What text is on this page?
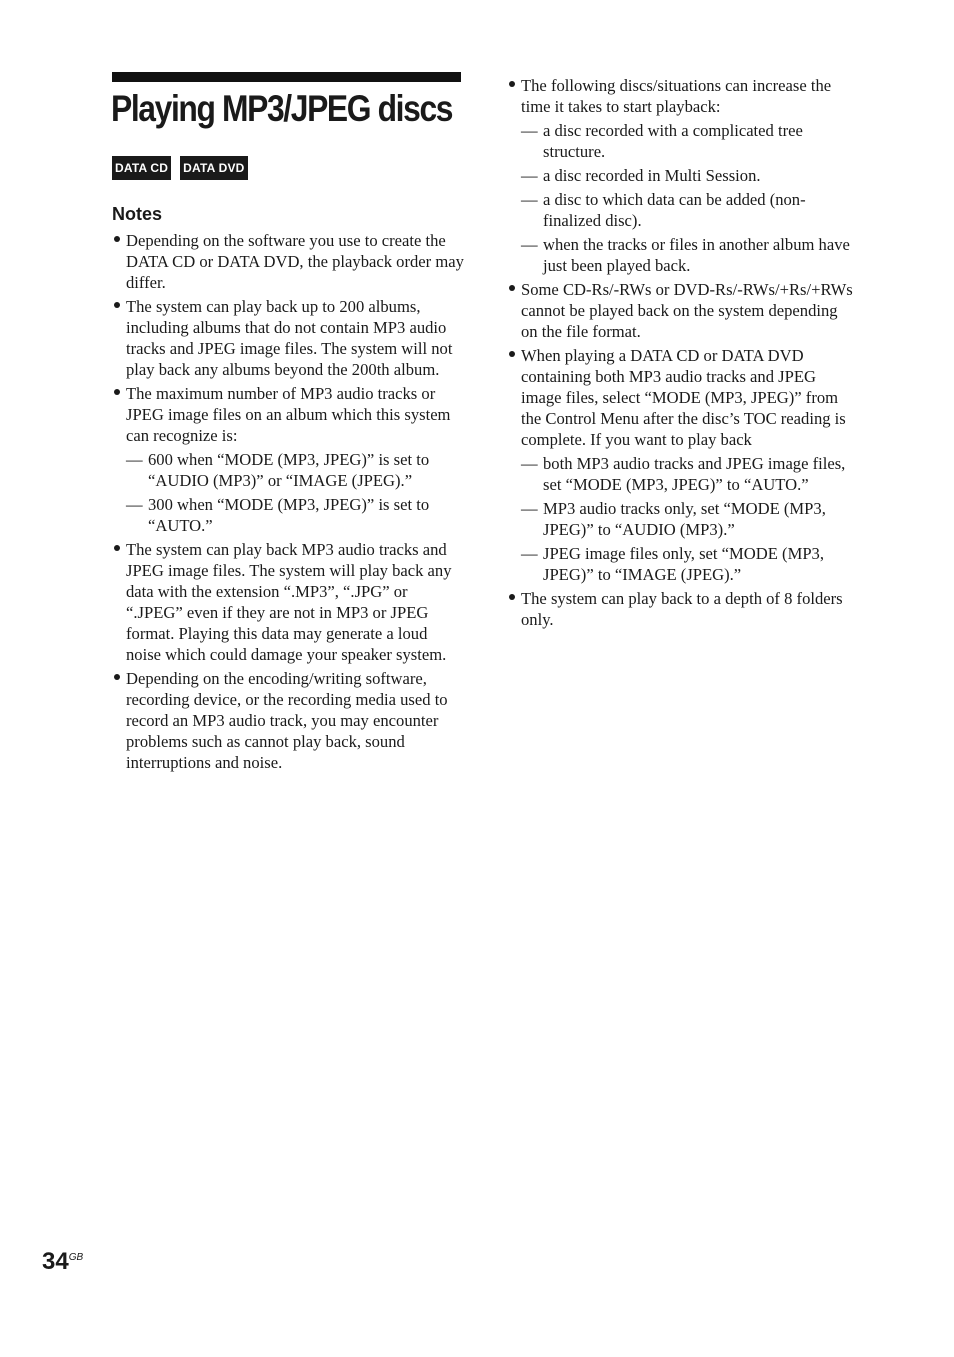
Playing MP3/JPEG discs
DATA CD DATA DVD
Notes
Depending on the software you use to create the DATA CD or DATA DVD, the playback order may differ.
The system can play back up to 200 albums, including albums that do not contain MP3 audio tracks and JPEG image files. The system will not play back any albums beyond the 200th album.
The maximum number of MP3 audio tracks or JPEG image files on an album which this system can recognize is:
— 600 when “MODE (MP3, JPEG)” is set to “AUDIO (MP3)” or “IMAGE (JPEG).”
— 300 when “MODE (MP3, JPEG)” is set to “AUTO.”
The system can play back MP3 audio tracks and JPEG image files. The system will play back any data with the extension “.MP3”, “.JPG” or “.JPEG” even if they are not in MP3 or JPEG format. Playing this data may generate a loud noise which could damage your speaker system.
Depending on the encoding/writing software, recording device, or the recording media used to record an MP3 audio track, you may encounter problems such as cannot play back, sound interruptions and noise.
The following discs/situations can increase the time it takes to start playback:
— a disc recorded with a complicated tree structure.
— a disc recorded in Multi Session.
— a disc to which data can be added (non-finalized disc).
— when the tracks or files in another album have just been played back.
Some CD-Rs/-RWs or DVD-Rs/-RWs/+Rs/+RWs cannot be played back on the system depending on the file format.
When playing a DATA CD or DATA DVD containing both MP3 audio tracks and JPEG image files, select “MODE (MP3, JPEG)” from the Control Menu after the disc’s TOC reading is complete. If you want to play back
— both MP3 audio tracks and JPEG image files, set “MODE (MP3, JPEG)” to “AUTO.”
— MP3 audio tracks only, set “MODE (MP3, JPEG)” to “AUDIO (MP3).”
— JPEG image files only, set “MODE (MP3, JPEG)” to “IMAGE (JPEG).”
The system can play back to a depth of 8 folders only.
$34^{GB}$
